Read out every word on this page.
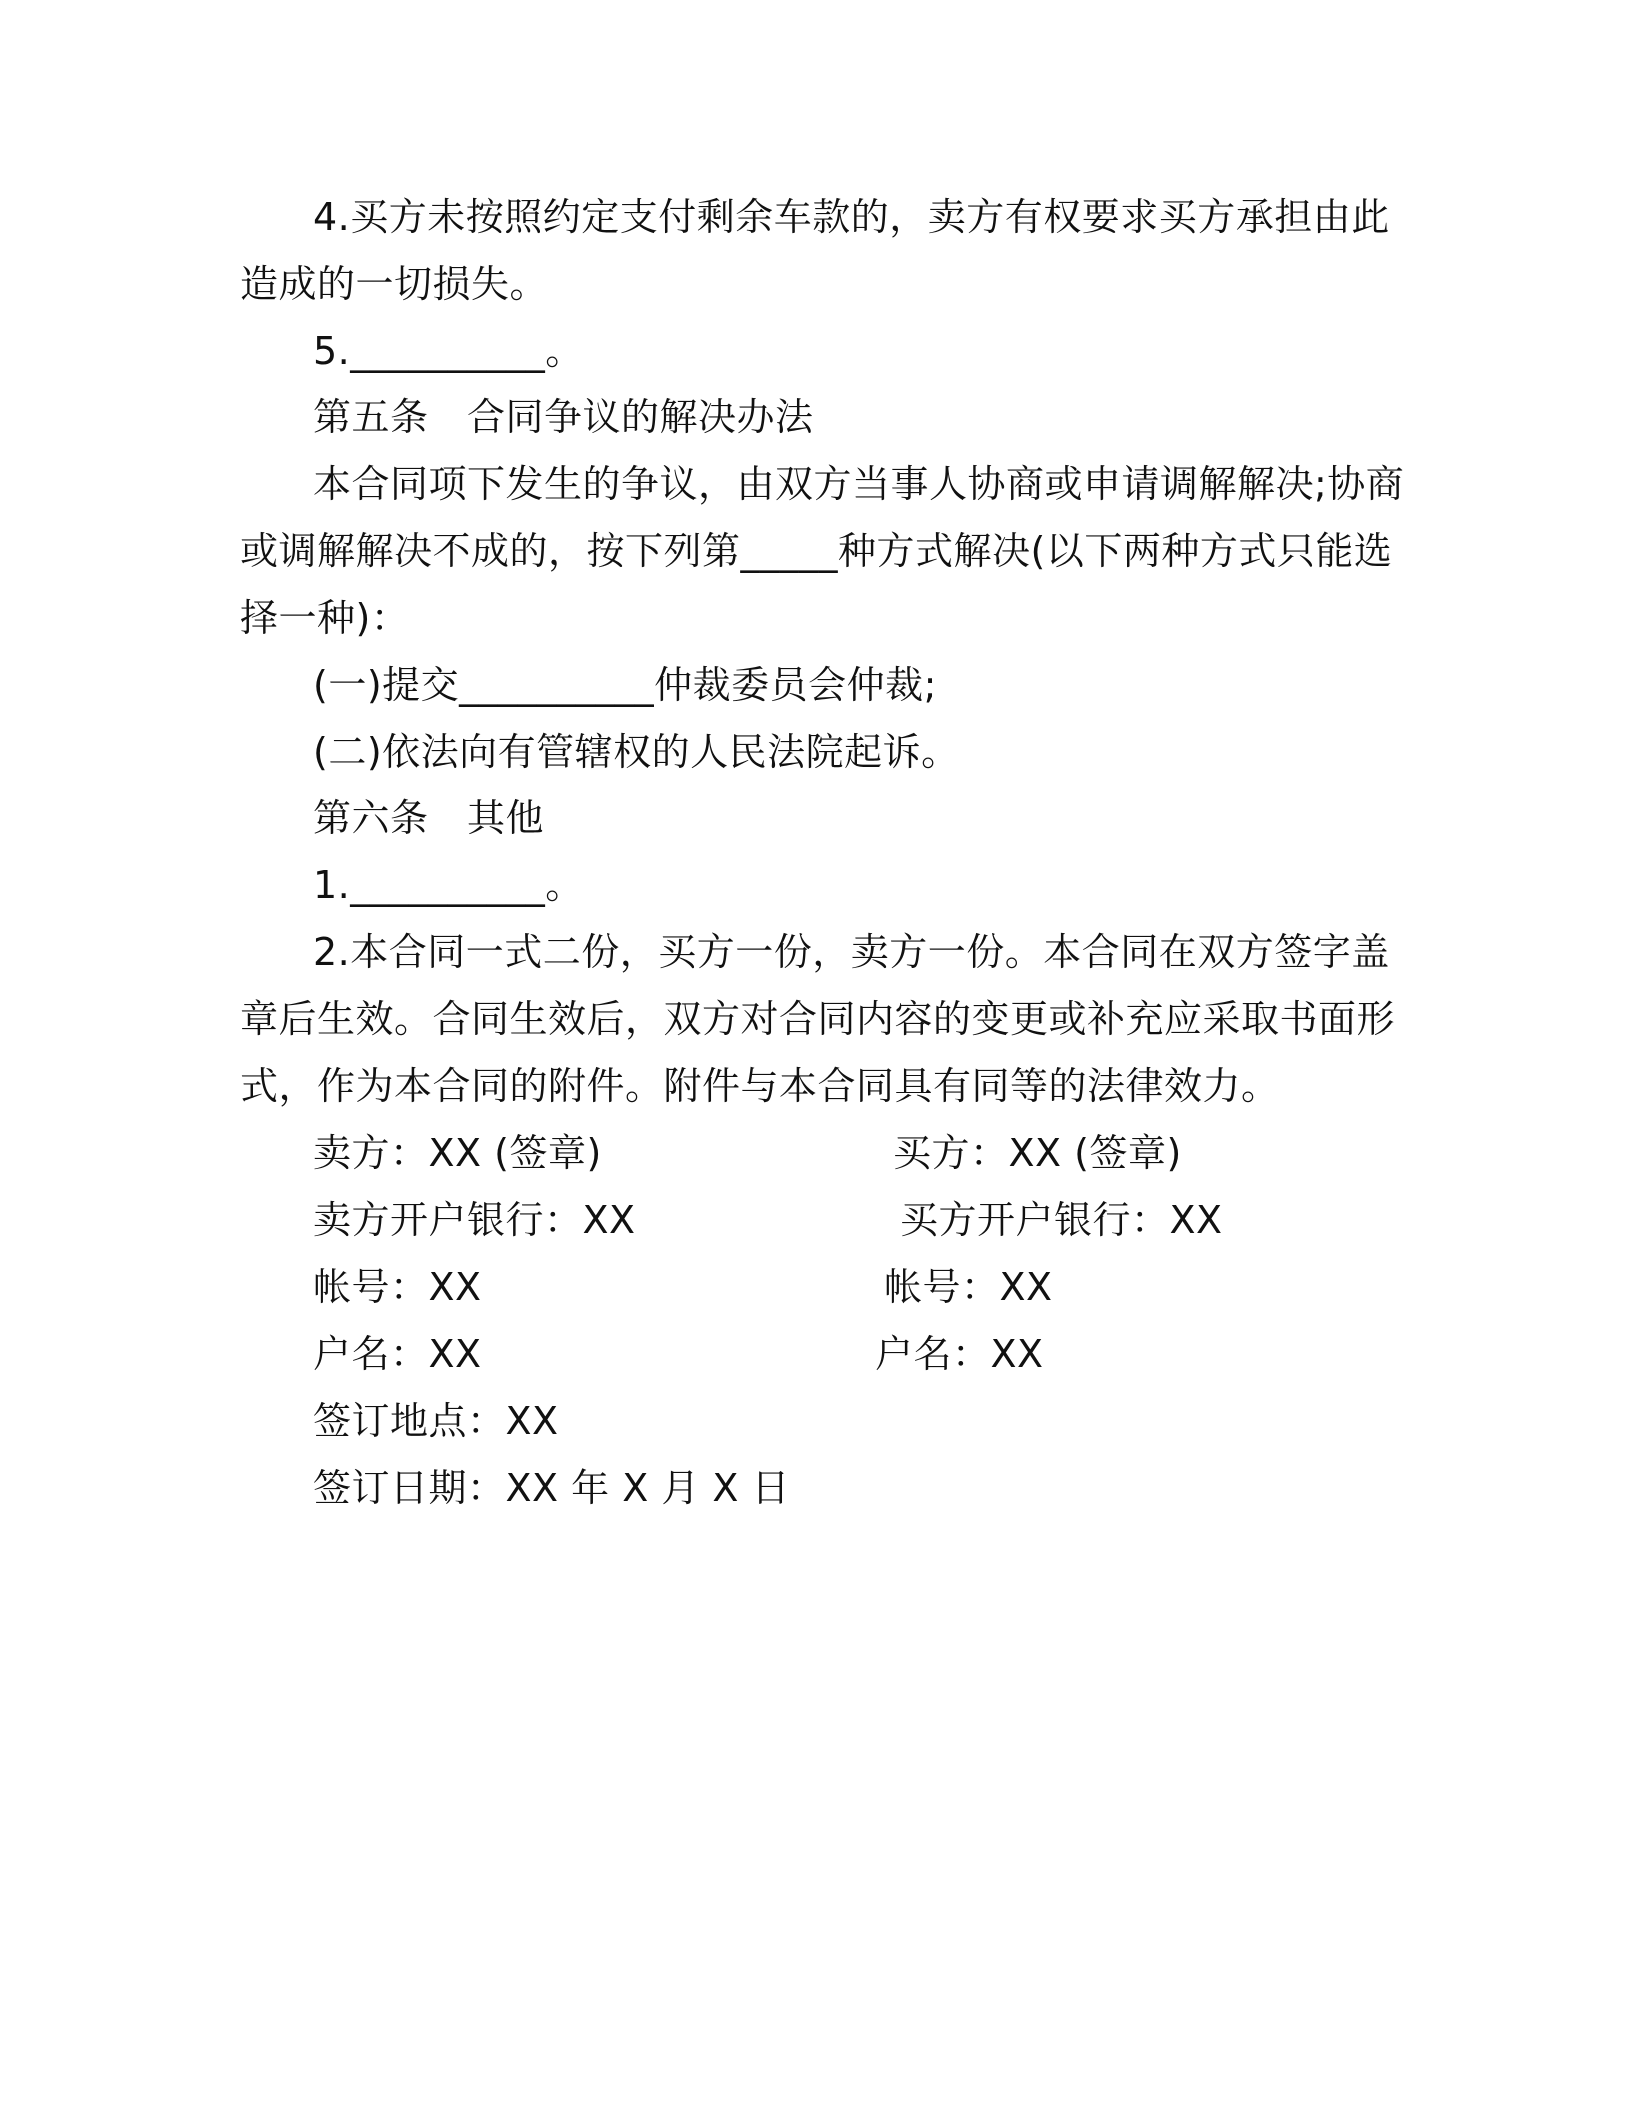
4.买方未按照约定支付剩余车款的，卖方有权要求买方承担由此
造成的一切损失。
5.__________。
第五条　合同争议的解决办法
本合同项下发生的争议，由双方当事人协商或申请调解解决;协商
或调解解决不成的，按下列第_____种方式解决(以下两种方式只能选
择一种)：
(一)提交__________仲裁委员会仲裁;
(二)依法向有管辖权的人民法院起诉。
第六条　其他
1.__________。
2.本合同一式二份，买方一份，卖方一份。本合同在双方签字盖
章后生效。合同生效后，双方对合同内容的变更或补充应采取书面形
式，作为本合同的附件。附件与本合同具有同等的法律效力。
卖方：XX (签章)	买方：XX (签章)
卖方开户银行：XX	买方开户银行：XX
帐号：XX	帐号：XX
户名：XX	户名：XX
签订地点：XX
签订日期：XX 年 X 月 X 日
